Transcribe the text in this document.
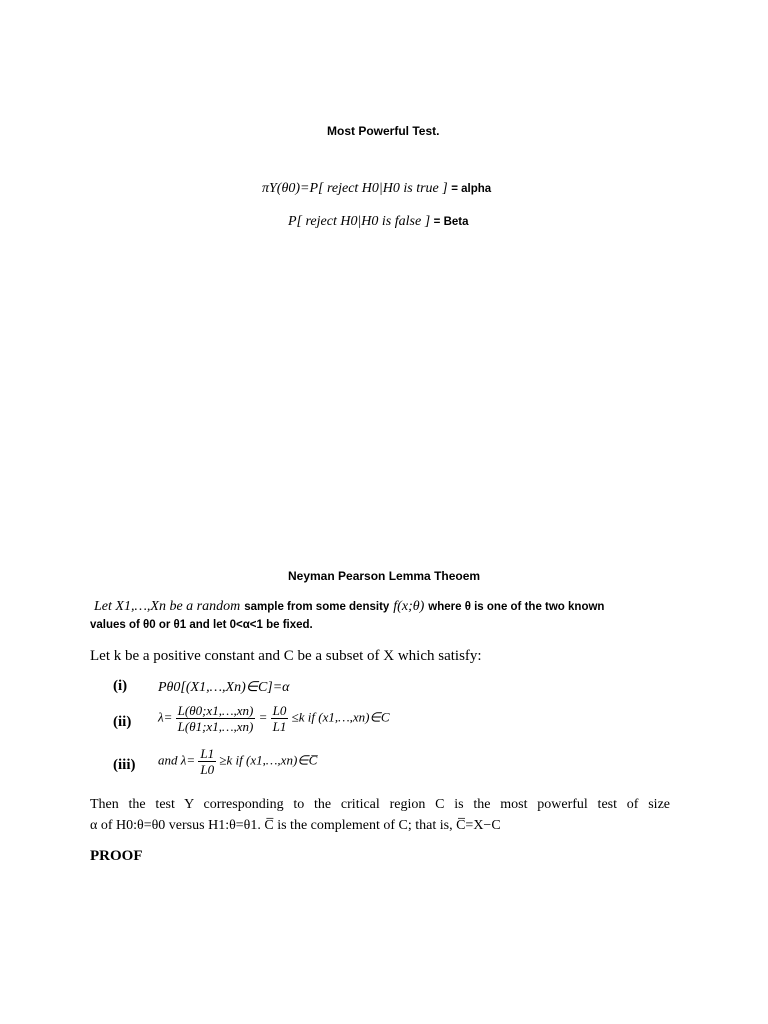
Most Powerful Test.
πY(θ0)=P[ reject H0|H0 is true ] = alpha
P[ reject H0|H0 is false ] = Beta
Neyman Pearson Lemma Theoem
Let X1,…,Xn be a random sample from some density f(x;θ) where θ is one of the two known
values of θ0 or θ1 and let 0<α<1 be fixed.
Let k be a positive constant and C be a subset of X which satisfy:
(i) Pθ0[(X1,…,Xn)∈C]=α
(ii) $\lambda= \frac{L(\theta 0;x1,\dots,xn)}{L(\theta 1;x1,\dots,xn)} = \frac{L0}{L1} \le k$ if (x1,…,xn)∈C
(iii) and $\lambda= \frac{L1}{L0} \ge k$ if (x1,…,xn)∈C̅
Then the test Y corresponding to the critical region C is the most powerful test of size
α of H0:θ=θ0 versus H1:θ=θ1. C̅ is the complement of C; that is, C̅=X−C
PROOF
